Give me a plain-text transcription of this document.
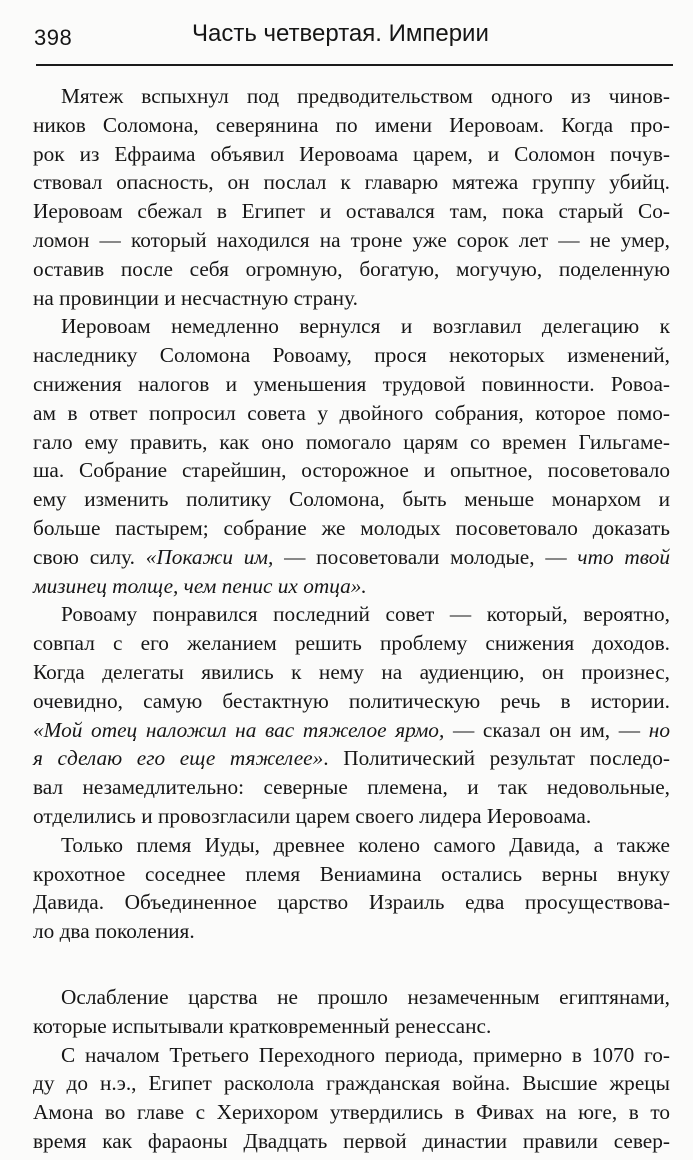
398	Часть четвертая. Империи
Мятеж вспыхнул под предводительством одного из чинов-
ников Соломона, северянина по имени Иеровоам. Когда про-
рок из Ефраима объявил Иеровоама царем, и Соломон почув-
ствовал опасность, он послал к главарю мятежа группу убийц.
Иеровоам сбежал в Египет и оставался там, пока старый Со-
ломон — который находился на троне уже сорок лет — не умер,
оставив после себя огромную, богатую, могучую, поделенную
на провинции и несчастную страну.
Иеровоам немедленно вернулся и возглавил делегацию к
наследнику Соломона Ровоаму, прося некоторых изменений,
снижения налогов и уменьшения трудовой повинности. Ровоа-
ам в ответ попросил совета у двойного собрания, которое помо-
гало ему править, как оно помогало царям со времен Гильгаме-
ша. Собрание старейшин, осторожное и опытное, посоветовало
ему изменить политику Соломона, быть меньше монархом и
больше пастырем; собрание же молодых посоветовало доказать
свою силу. «Покажи им, — посоветовали молодые, — что твой
мизинец толще, чем пенис их отца».
Ровоаму понравился последний совет — который, вероятно,
совпал с его желанием решить проблему снижения доходов.
Когда делегаты явились к нему на аудиенцию, он произнес,
очевидно, самую бестактную политическую речь в истории.
«Мой отец наложил на вас тяжелое ярмо, — сказал он им, — но
я сделаю его еще тяжелее». Политический результат последо-
вал незамедлительно: северные племена, и так недовольные,
отделились и провозгласили царем своего лидера Иеровоама.
Только племя Иуды, древнее колено самого Давида, а также
крохотное соседнее племя Вениамина остались верны внуку
Давида. Объединенное царство Израиль едва просуществова-
ло два поколения.
Ослабление царства не прошло незамеченным египтянами,
которые испытывали кратковременный ренессанс.
С началом Третьего Переходного периода, примерно в 1070 го-
ду до н.э., Египет расколола гражданская война. Высшие жрецы
Амона во главе с Херихором утвердились в Фивах на юге, в то
время как фараоны Двадцать первой династии правили север-
